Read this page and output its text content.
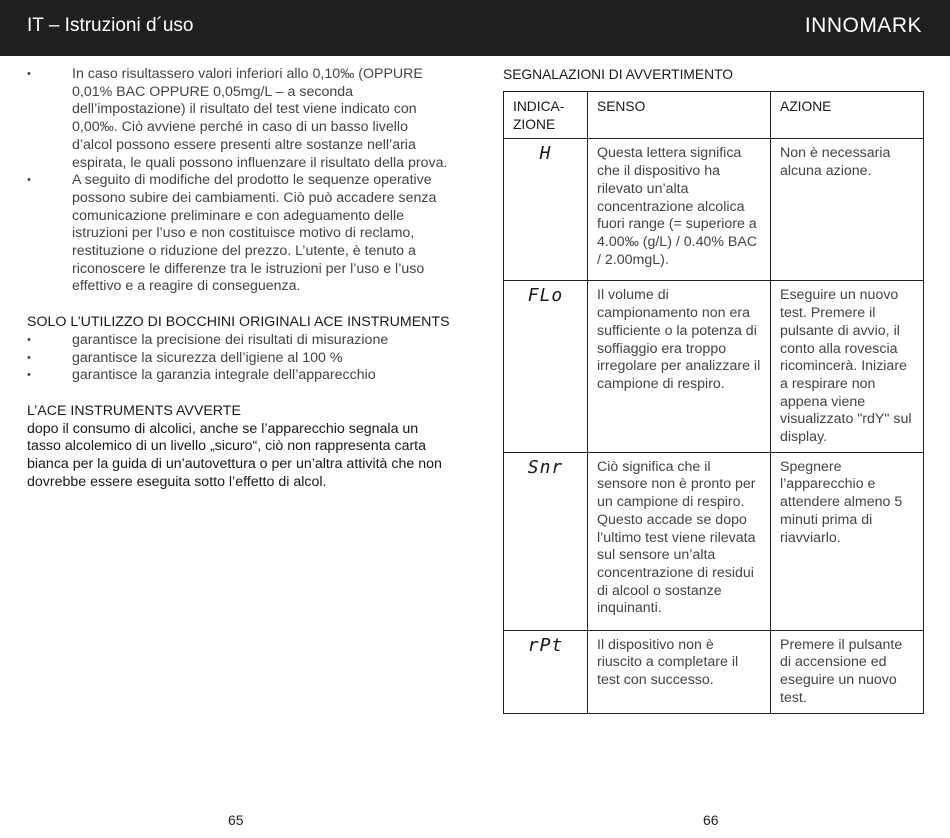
IT – Istruzioni d´uso	INNOMARK
• In caso risultassero valori inferiori allo 0,10‰ (OPPURE 0,01% BAC OPPURE 0,05mg/L – a seconda dell’impostazione) il risultato del test viene indicato con 0,00‰. Ciò avviene perché in caso di un basso livello d’alcol possono essere presenti altre sostanze nell’aria espirata, le quali possono influenzare il risultato della prova.
• A seguito di modifiche del prodotto le sequenze operative possono subire dei cambiamenti. Ciò può accadere senza comunicazione preliminare e con adeguamento delle istruzioni per l’uso e non costituisce motivo di reclamo, restituzione o riduzione del prezzo. L’utente, è tenuto a riconoscere le differenze tra le istruzioni per l’uso e l’uso effettivo e a reagire di conseguenza.
SOLO L’UTILIZZO DI BOCCHINI ORIGINALI ACE INSTRUMENTS
• garantisce la precisione dei risultati di misurazione
• garantisce la sicurezza dell’igiene al 100 %
• garantisce la garanzia integrale dell’apparecchio
L’ACE INSTRUMENTS AVVERTE
dopo il consumo di alcolici, anche se l’apparecchio segnala un tasso alcolemico di un livello „sicuro“, ciò non rappresenta carta bianca per la guida di un’autovettura o per un’altra attività che non dovrebbe essere eseguita sotto l’effetto di alcol.
SEGNALAZIONI DI AVVERTIMENTO
INDICA-
ZIONE	SENSO	AZIONE
H	Questa lettera significa che il dispositivo ha rilevato un’alta concentrazione alcolica fuori range (= superiore a 4.00‰ (g/L) / 0.40% BAC / 2.00mgL).	Non è necessaria alcuna azione.
FLo	Il volume di campionamento non era sufficiente o la potenza di soffiaggio era troppo irregolare per analizzare il campione di respiro.	Eseguire un nuovo test. Premere il pulsante di avvio, il conto alla rovescia ricomincerà. Iniziare a respirare non appena viene visualizzato "rdY" sul display.
Snr	Ciò significa che il sensore non è pronto per un campione di respiro. Questo accade se dopo l’ultimo test viene rilevata sul sensore un’alta concentrazione di residui di alcool o sostanze inquinanti.	Spegnere l’apparecchio e attendere almeno 5 minuti prima di riavviarlo.
rPt	Il dispositivo non è riuscito a completare il test con successo.	Premere il pulsante di accensione ed eseguire un nuovo test.
65	66
